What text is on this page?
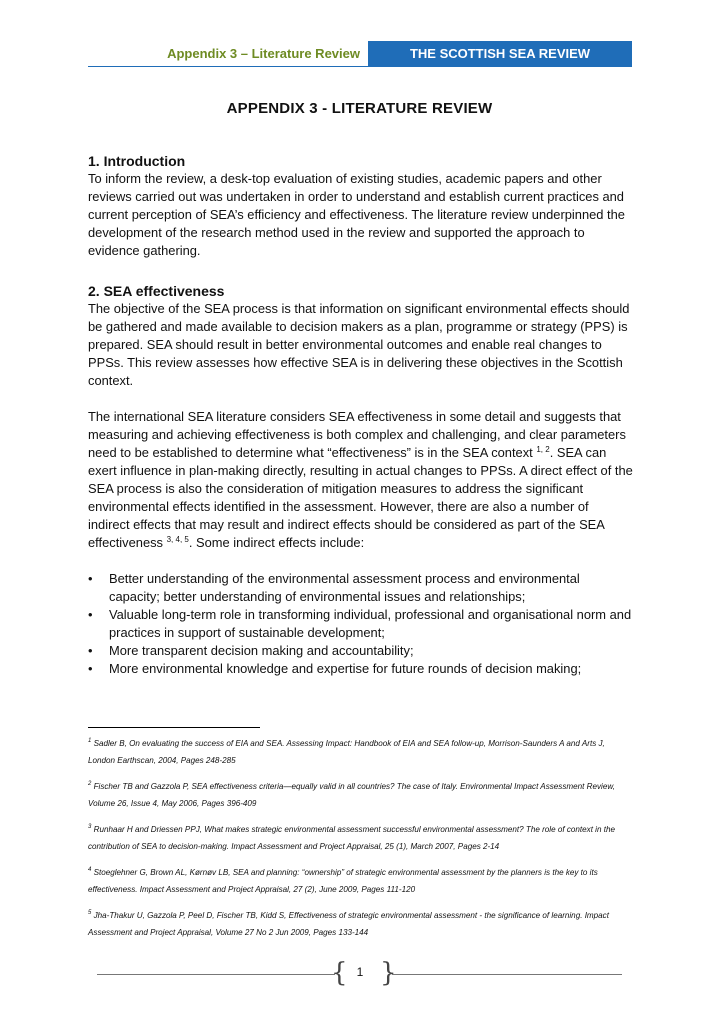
Appendix 3 – Literature Review	THE SCOTTISH SEA REVIEW
APPENDIX 3 - LITERATURE REVIEW
1. Introduction

To inform the review, a desk-top evaluation of existing studies, academic papers and other reviews carried out was undertaken in order to understand and establish current practices and current perception of SEA’s efficiency and effectiveness. The literature review underpinned the development of the research method used in the review and supported the approach to evidence gathering.

2. SEA effectiveness

The objective of the SEA process is that information on significant environmental effects should be gathered and made available to decision makers as a plan, programme or strategy (PPS) is prepared. SEA should result in better environmental outcomes and enable real changes to PPSs. This review assesses how effective SEA is in delivering these objectives in the Scottish context.

The international SEA literature considers SEA effectiveness in some detail and suggests that measuring and achieving effectiveness is both complex and challenging, and clear parameters need to be established to determine what “effectiveness” is in the SEA context $^{1, 2}$. SEA can exert influence in plan-making directly, resulting in actual changes to PPSs. A direct effect of the SEA process is also the consideration of mitigation measures to address the significant environmental effects identified in the assessment. However, there are also a number of indirect effects that may result and indirect effects should be considered as part of the SEA effectiveness $^{3, 4, 5}$. Some indirect effects include:

• Better understanding of the environmental assessment process and environmental capacity; better understanding of environmental issues and relationships;
• Valuable long-term role in transforming individual, professional and organisational norm and practices in support of sustainable development;
• More transparent decision making and accountability;
• More environmental knowledge and expertise for future rounds of decision making;
$^1$ Sadler B, On evaluating the success of EIA and SEA. Assessing Impact: Handbook of EIA and SEA follow-up, Morrison-Saunders A and Arts J, London Earthscan, 2004, Pages 248-285
$^2$ Fischer TB and Gazzola P, SEA effectiveness criteria—equally valid in all countries? The case of Italy. Environmental Impact Assessment Review, Volume 26, Issue 4, May 2006, Pages 396-409
$^3$ Runhaar H and Driessen PPJ, What makes strategic environmental assessment successful environmental assessment? The role of context in the contribution of SEA to decision-making. Impact Assessment and Project Appraisal, 25 (1), March 2007, Pages 2-14
$^4$ Stoeglehner G, Brown AL, Kørnøv LB, SEA and planning: “ownership” of strategic environmental assessment by the planners is the key to its effectiveness. Impact Assessment and Project Appraisal, 27 (2), June 2009, Pages 111-120
$^5$ Jha-Thakur U, Gazzola P, Peel D, Fischer TB, Kidd S, Effectiveness of strategic environmental assessment - the significance of learning. Impact Assessment and Project Appraisal, Volume 27 No 2 Jun 2009, Pages 133-144
{ 1 }
